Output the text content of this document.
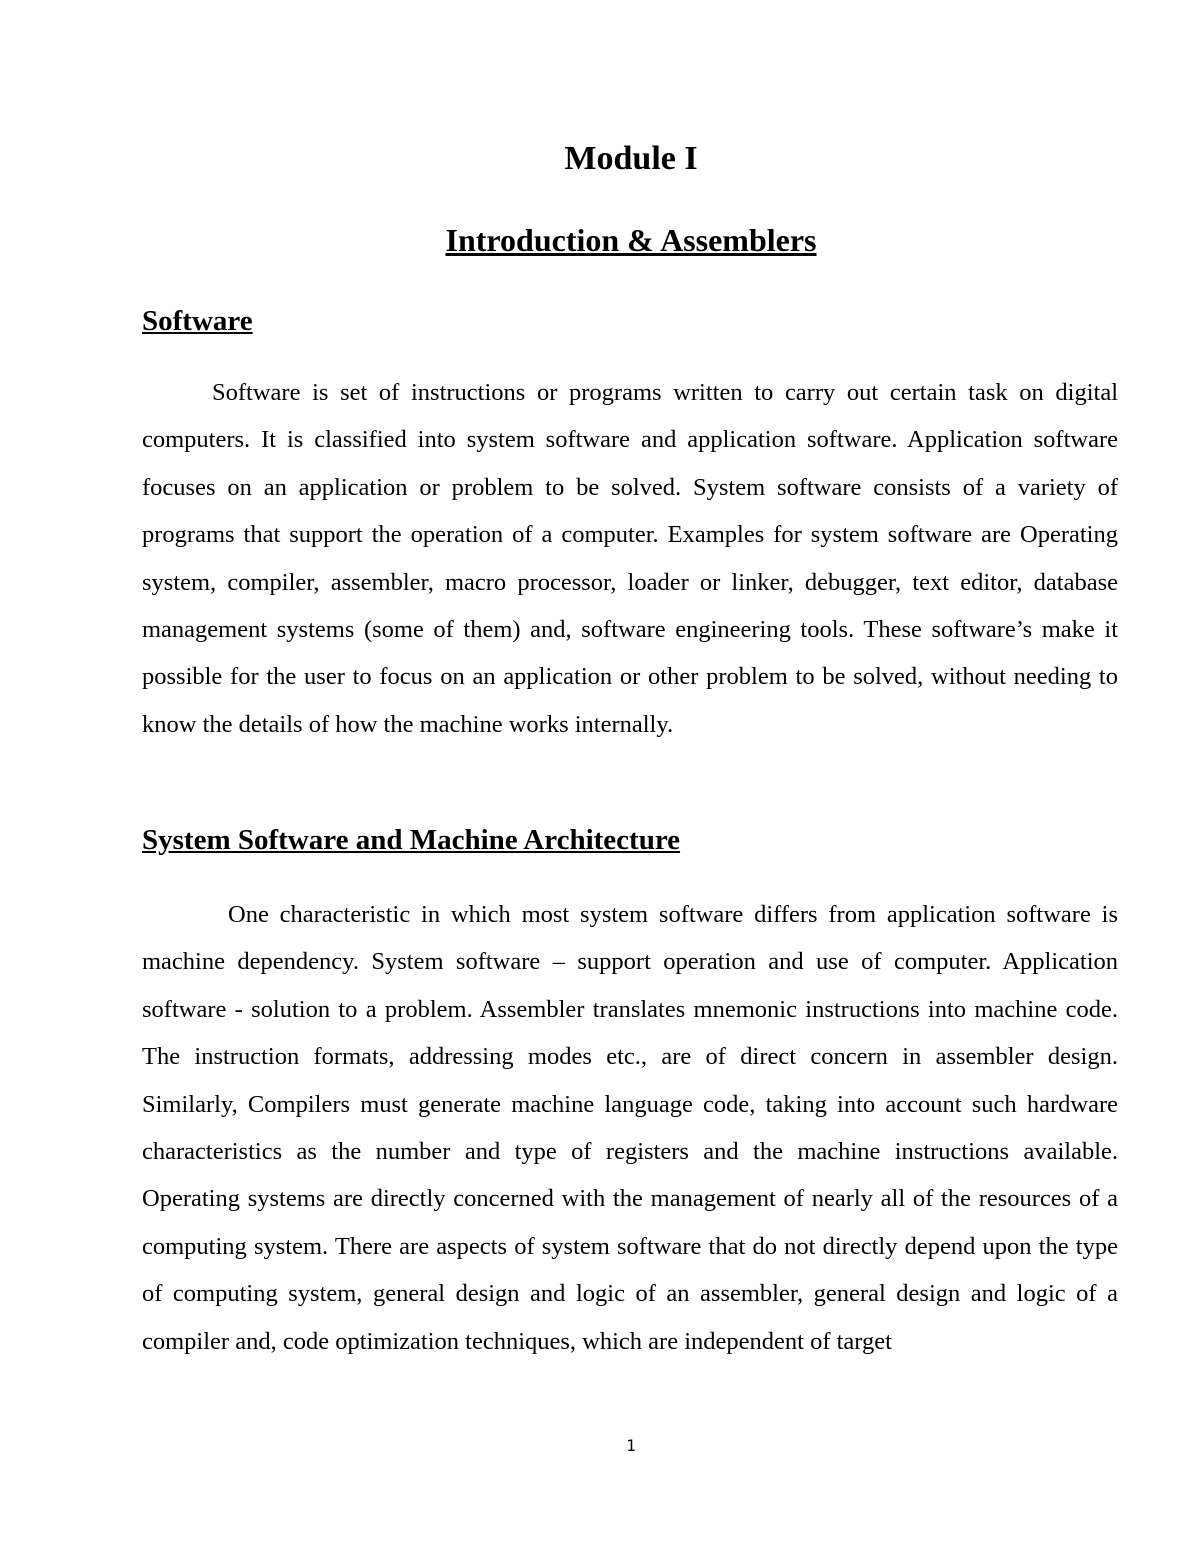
Module I
Introduction & Assemblers
Software

Software is set of instructions or programs written to carry out certain task on digital computers. It is classified into system software and application software. Application software focuses on an application or problem to be solved. System software consists of a variety of programs that support the operation of a computer. Examples for system software are Operating system, compiler, assembler, macro processor, loader or linker, debugger, text editor, database management systems (some of them) and, software engineering tools. These software’s make it possible for the user to focus on an application or other problem to be solved, without needing to know the details of how the machine works internally.

System Software and Machine Architecture

One characteristic in which most system software differs from application software is machine dependency. System software – support operation and use of computer. Application software - solution to a problem. Assembler translates mnemonic instructions into machine code. The instruction formats, addressing modes etc., are of direct concern in assembler design. Similarly, Compilers must generate machine language code, taking into account such hardware characteristics as the number and type of registers and the machine instructions available. Operating systems are directly concerned with the management of nearly all of the resources of a computing system. There are aspects of system software that do not directly depend upon the type of computing system, general design and logic of an assembler, general design and logic of a compiler and, code optimization techniques, which are independent of target

1
